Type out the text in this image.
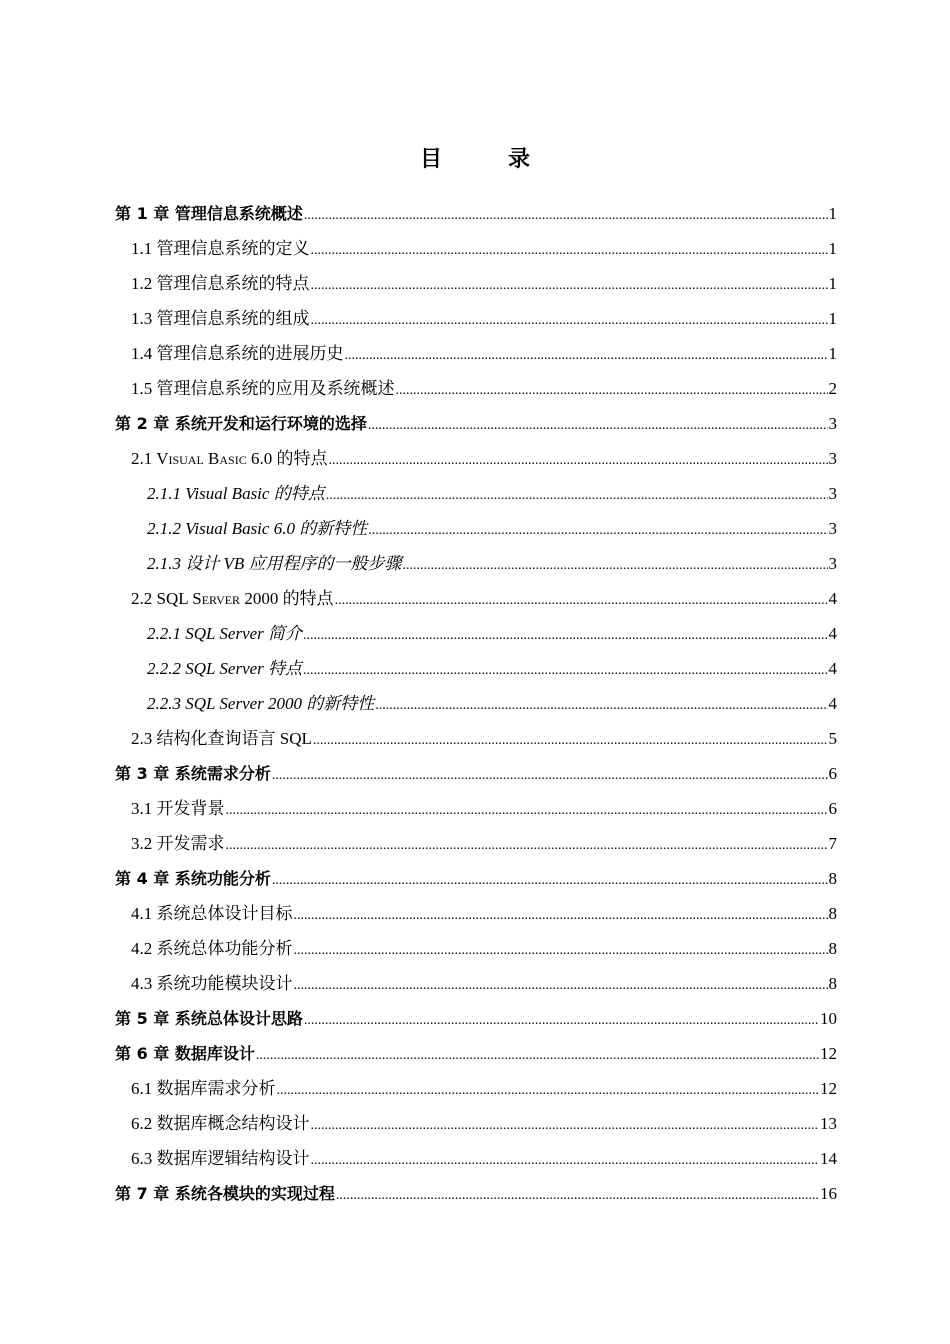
目　录
第 1 章 管理信息系统概述 .....	1
1.1 管理信息系统的定义 .....	1
1.2 管理信息系统的特点 .....	1
1.3 管理信息系统的组成 .....	1
1.4 管理信息系统的进展历史 .....	1
1.5 管理信息系统的应用及系统概述 .....	2
第 2 章 系统开发和运行环境的选择 .....	3
2.1 Visual Basic 6.0 的特点 .....	3
2.1.1 Visual Basic 的特点 .....	3
2.1.2 Visual Basic 6.0 的新特性 .....	3
2.1.3 设计 VB 应用程序的一般步骤 .....	3
2.2 SQL Server 2000 的特点 .....	4
2.2.1 SQL Server 简介 .....	4
2.2.2 SQL Server 特点 .....	4
2.2.3 SQL Server 2000 的新特性 .....	4
2.3 结构化查询语言 SQL .....	5
第 3 章 系统需求分析 .....	6
3.1 开发背景 .....	6
3.2 开发需求 .....	7
第 4 章 系统功能分析 .....	8
4.1 系统总体设计目标 .....	8
4.2 系统总体功能分析 .....	8
4.3 系统功能模块设计 .....	8
第 5 章 系统总体设计思路 .....	10
第 6 章 数据库设计 .....	12
6.1 数据库需求分析 .....	12
6.2 数据库概念结构设计 .....	13
6.3 数据库逻辑结构设计 .....	14
第 7 章 系统各模块的实现过程 .....	16
